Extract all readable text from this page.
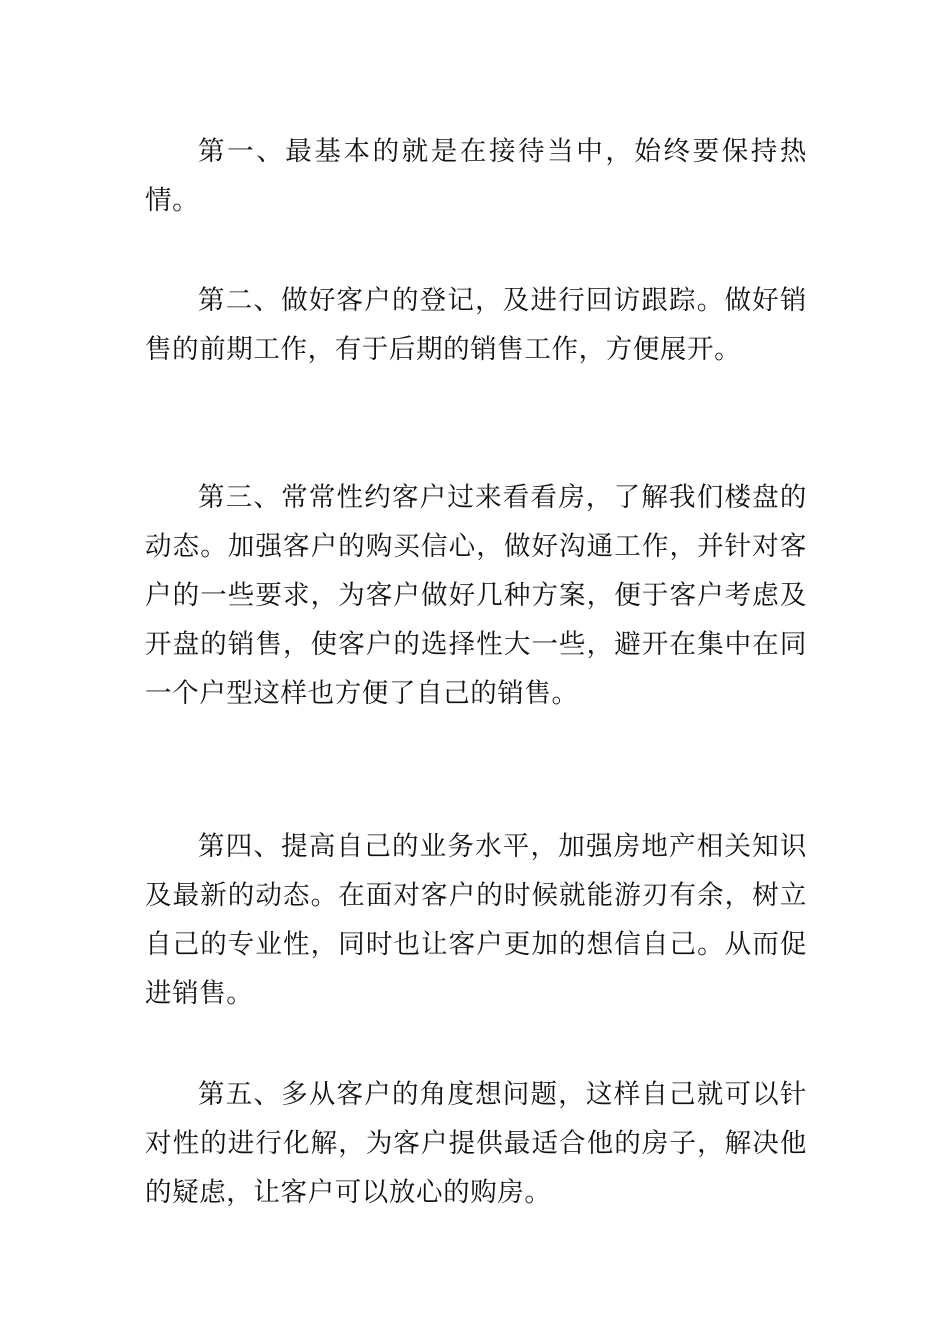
第一、最基本的就是在接待当中，始终要保持热情。

第二、做好客户的登记，及进行回访跟踪。做好销售的前期工作，有于后期的销售工作，方便展开。

第三、常常性约客户过来看看房，了解我们楼盘的动态。加强客户的购买信心，做好沟通工作，并针对客户的一些要求，为客户做好几种方案，便于客户考虑及开盘的销售，使客户的选择性大一些，避开在集中在同一个户型这样也方便了自己的销售。

第四、提高自己的业务水平，加强房地产相关知识及最新的动态。在面对客户的时候就能游刃有余，树立自己的专业性，同时也让客户更加的想信自己。从而促进销售。

第五、多从客户的角度想问题，这样自己就可以针对性的进行化解，为客户提供最适合他的房子，解决他的疑虑，让客户可以放心的购房。
